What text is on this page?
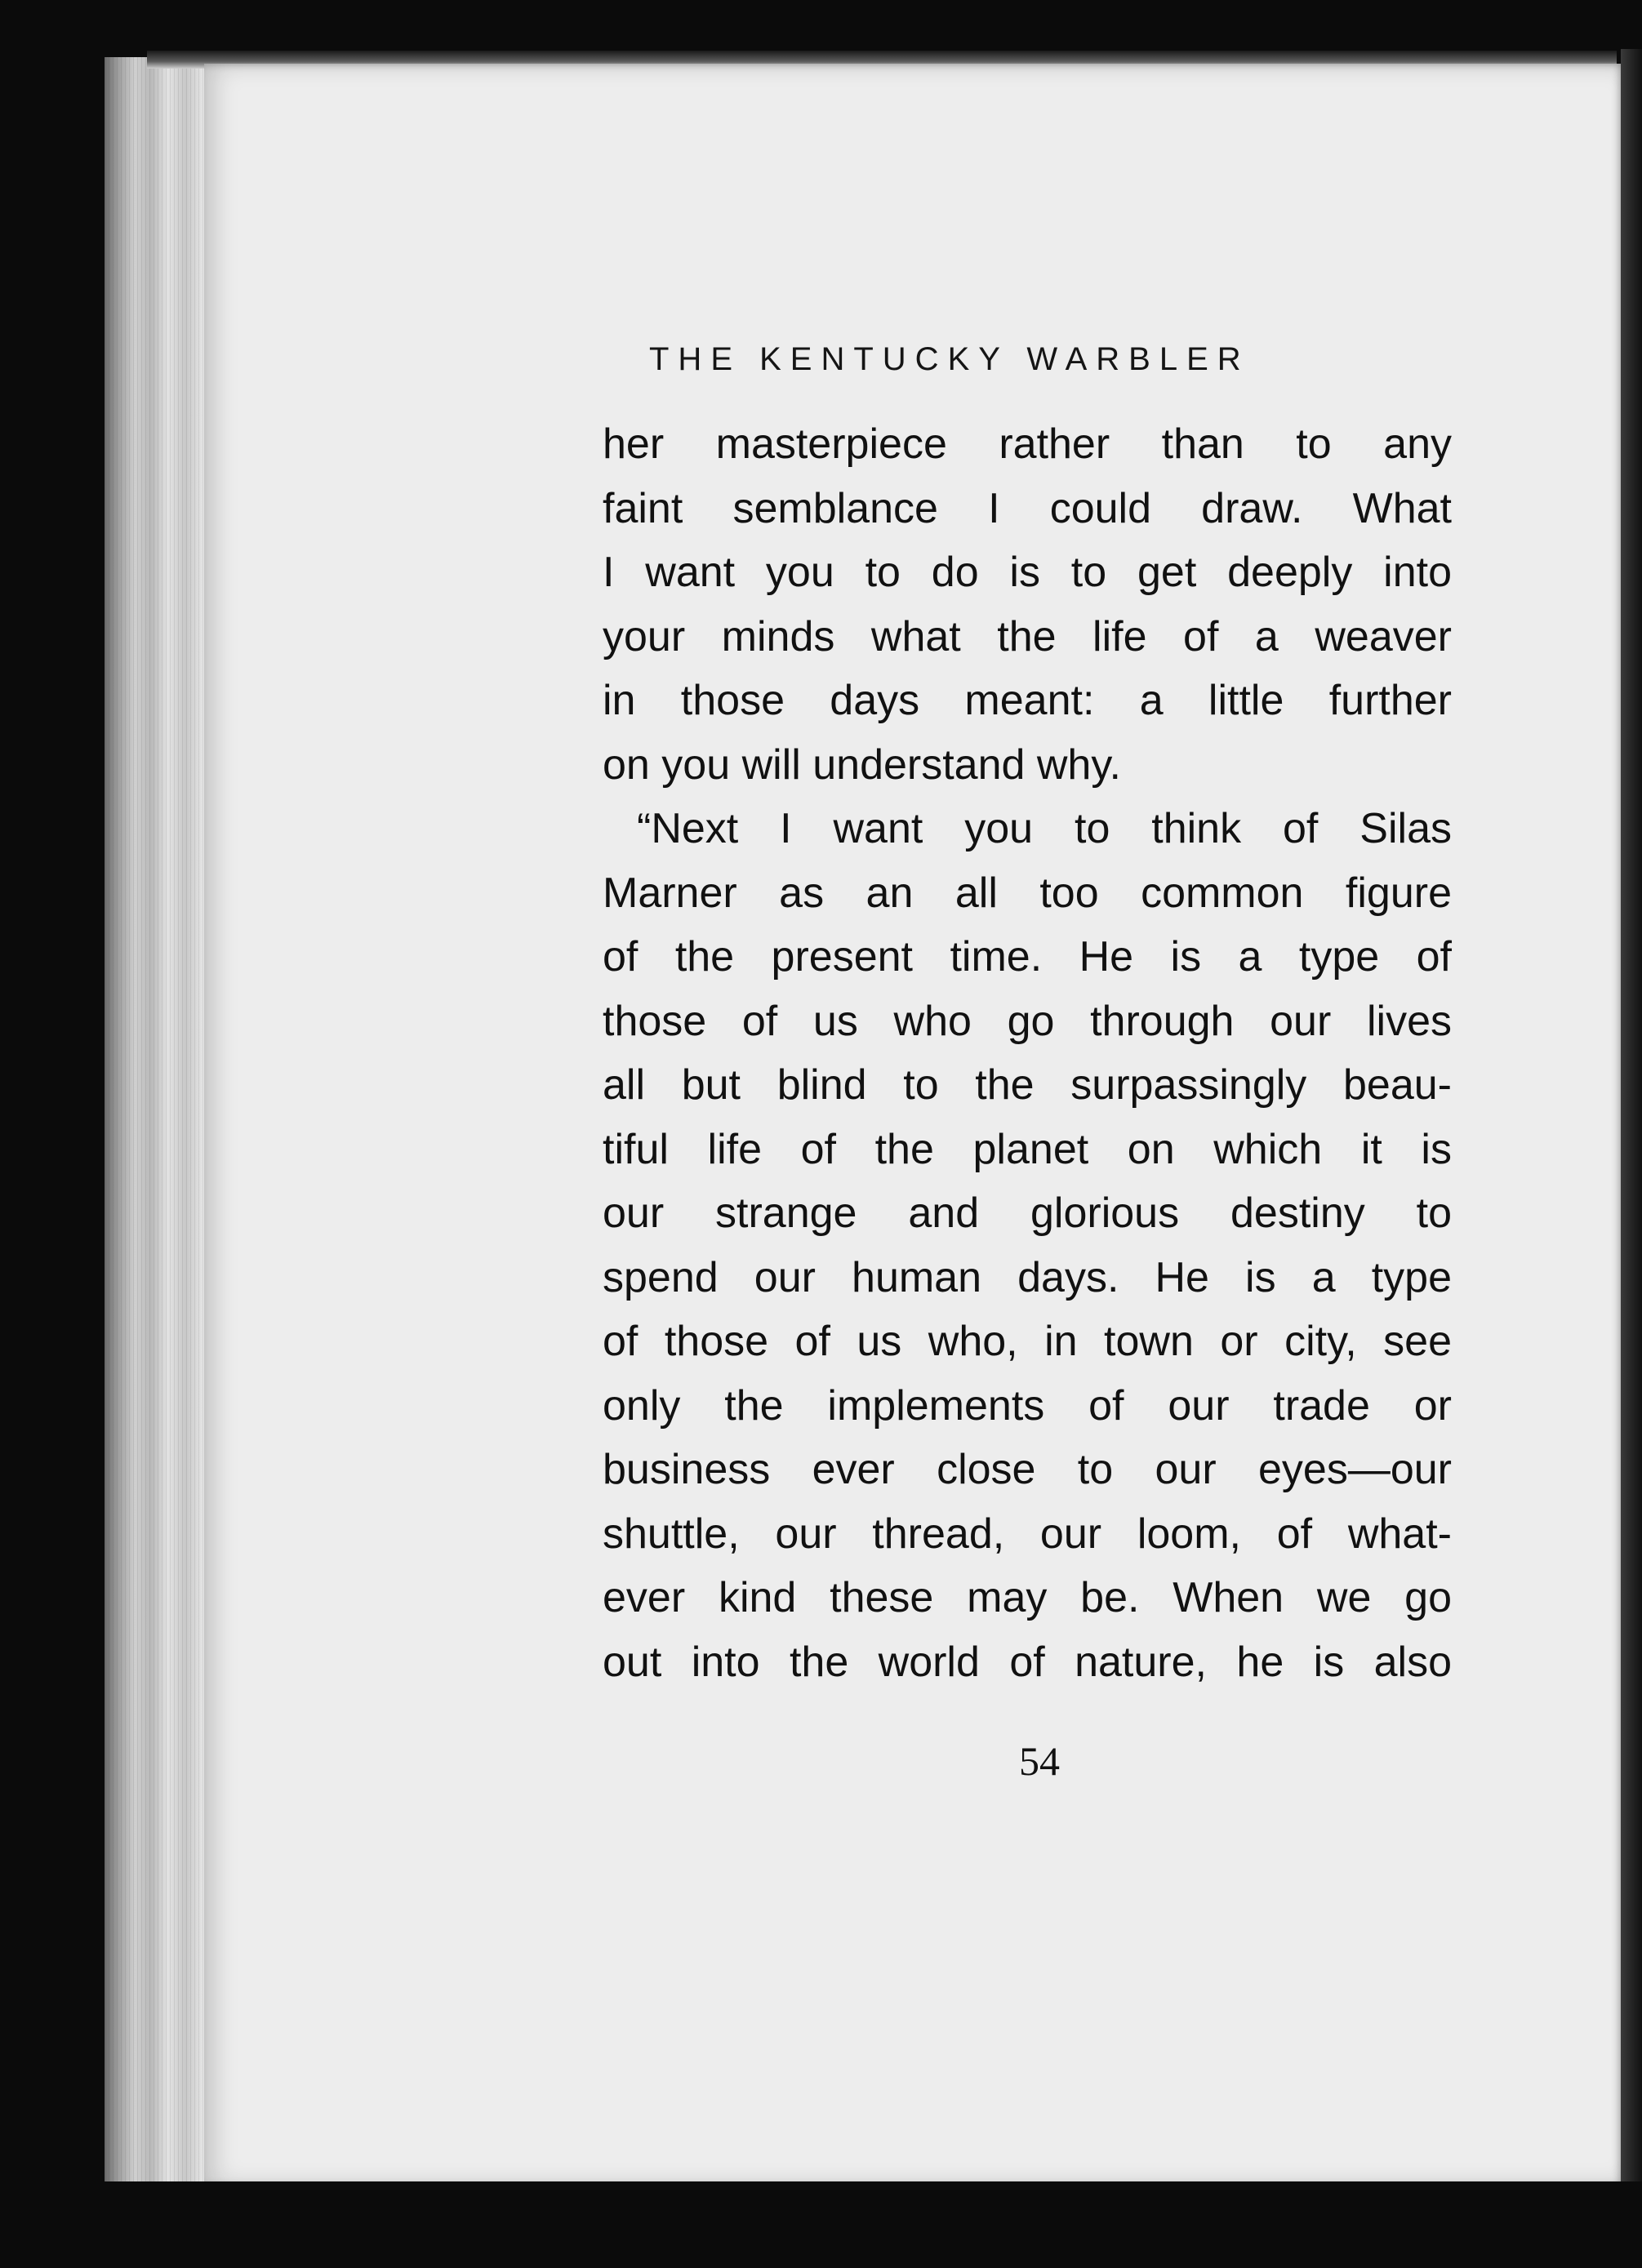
THE KENTUCKY WARBLER
her masterpiece rather than to any
faint semblance I could draw. What
I want you to do is to get deeply into
your minds what the life of a weaver
in those days meant: a little further
on you will understand why.
“Next I want you to think of Silas
Marner as an all too common figure
of the present time. He is a type of
those of us who go through our lives
all but blind to the surpassingly beau-
tiful life of the planet on which it is
our strange and glorious destiny to
spend our human days. He is a type
of those of us who, in town or city, see
only the implements of our trade or
business ever close to our eyes—our
shuttle, our thread, our loom, of what-
ever kind these may be. When we go
out into the world of nature, he is also
54
